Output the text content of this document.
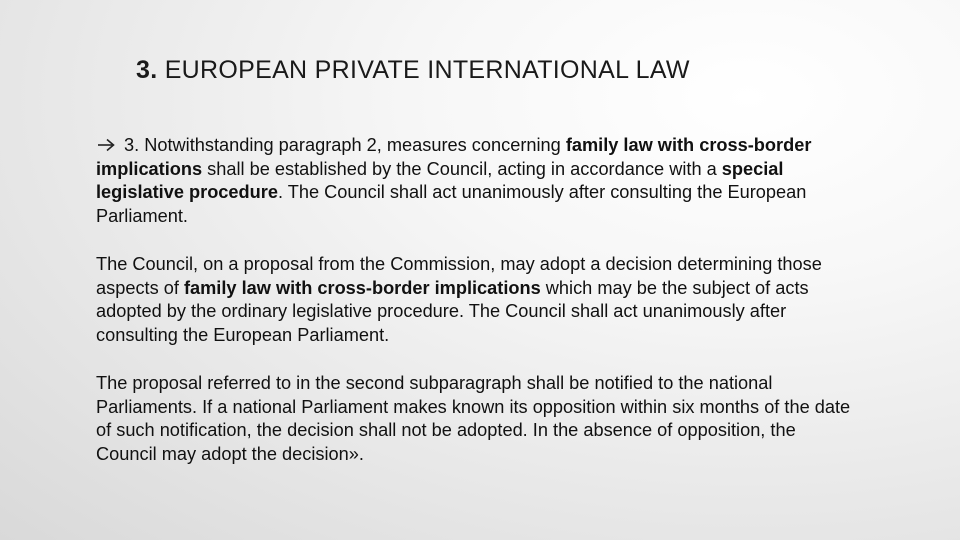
3. EUROPEAN PRIVATE INTERNATIONAL LAW

3. Notwithstanding paragraph 2, measures concerning family law with cross-border implications shall be established by the Council, acting in accordance with a special legislative procedure. The Council shall act unanimously after consulting the European Parliament.

The Council, on a proposal from the Commission, may adopt a decision determining those aspects of family law with cross-border implications which may be the subject of acts adopted by the ordinary legislative procedure. The Council shall act unanimously after consulting the European Parliament.

The proposal referred to in the second subparagraph shall be notified to the national Parliaments. If a national Parliament makes known its opposition within six months of the date of such notification, the decision shall not be adopted. In the absence of opposition, the Council may adopt the decision».
